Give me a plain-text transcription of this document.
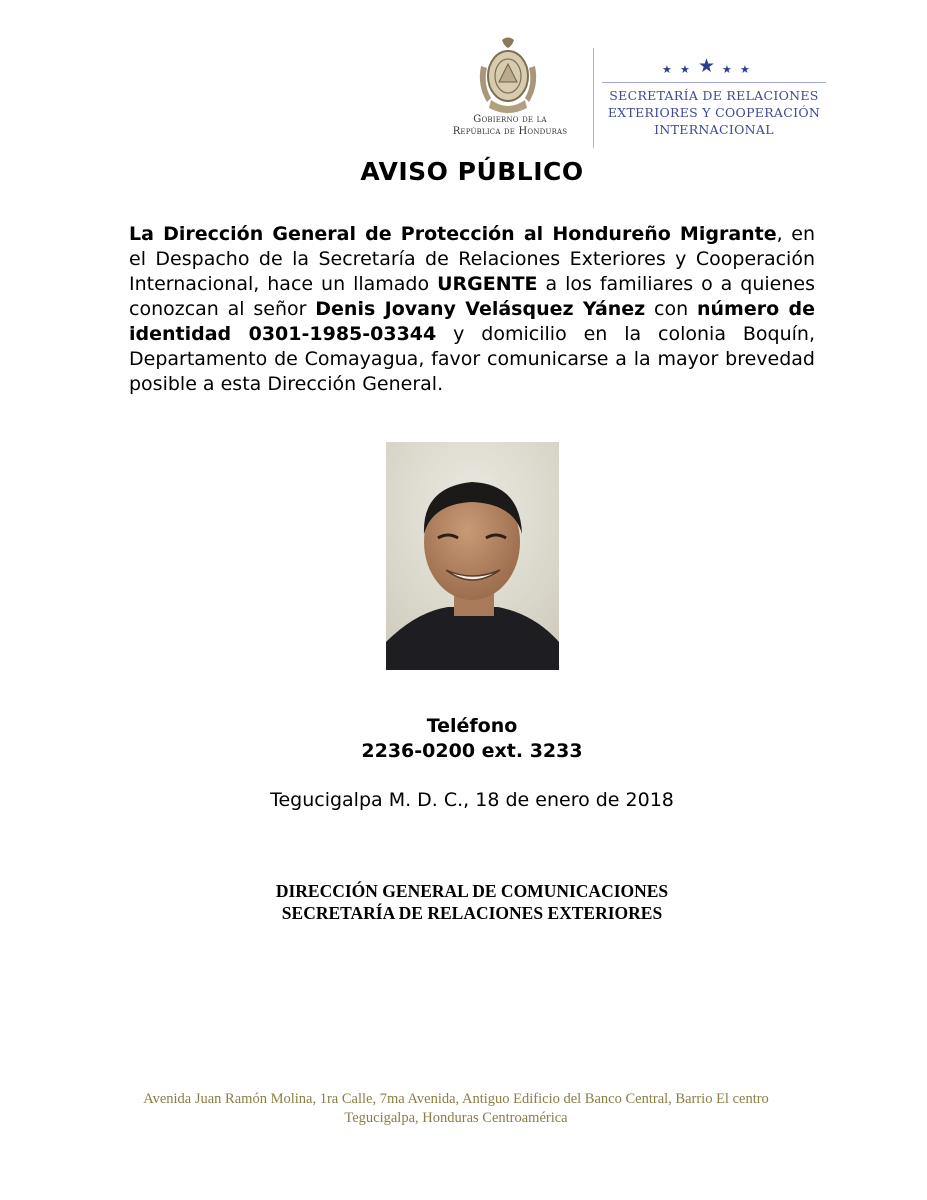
Gobierno de la
República de Honduras
★ ★ ★ ★ ★
SECRETARÍA DE RELACIONES
EXTERIORES Y COOPERACIÓN
INTERNACIONAL
AVISO PÚBLICO
La Dirección General de Protección al Hondureño Migrante, en el Despacho de la Secretaría de Relaciones Exteriores y Cooperación Internacional, hace un llamado URGENTE a los familiares o a quienes conozcan al señor Denis Jovany Velásquez Yánez con número de identidad 0301-1985-03344 y domicilio en la colonia Boquín, Departamento de Comayagua, favor comunicarse a la mayor brevedad posible a esta Dirección General.
Teléfono
2236-0200 ext. 3233
Tegucigalpa M. D. C., 18 de enero de 2018
DIRECCIÓN GENERAL DE COMUNICACIONES
SECRETARÍA DE RELACIONES EXTERIORES
Avenida Juan Ramón Molina, 1ra Calle, 7ma Avenida, Antiguo Edificio del Banco Central, Barrio El centro
Tegucigalpa, Honduras Centroamérica
